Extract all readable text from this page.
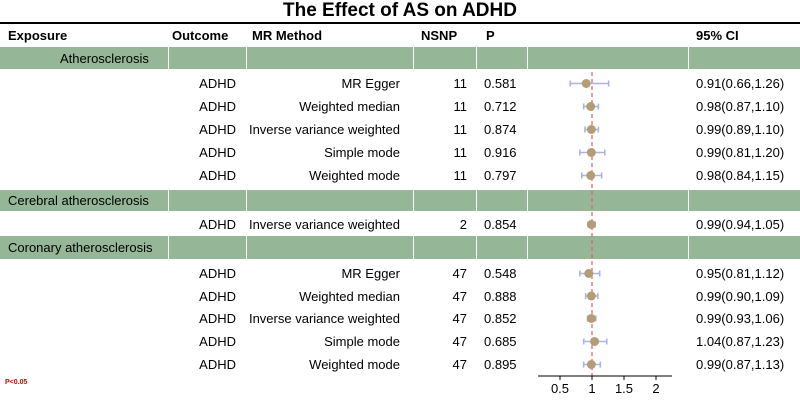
The Effect of AS on ADHD
Exposure	Outcome MR Method	NSNP P	95% CI
Atherosclerosis
ADHD	MR Egger	11 0.581	0.91(0.66,1.26)
ADHD	Weighted median	11 0.712	0.98(0.87,1.10)
ADHD Inverse variance weighted	11 0.874	0.99(0.89,1.10)
ADHD	Simple mode	11 0.916	0.99(0.81,1.20)
ADHD	Weighted mode	11 0.797	0.98(0.84,1.15)
Cerebral atherosclerosis
ADHD Inverse variance weighted	2 0.854	0.99(0.94,1.05)
Coronary atherosclerosis
ADHD	MR Egger	47 0.548	0.95(0.81,1.12)
ADHD	Weighted median	47 0.888	0.99(0.90,1.09)
ADHD Inverse variance weighted	47 0.852	0.99(0.93,1.06)
ADHD	Simple mode	47 0.685	1.04(0.87,1.23)
ADHD	Weighted mode	47 0.895	0.99(0.87,1.13)
0.5 1 1.5 2
P<0.05
